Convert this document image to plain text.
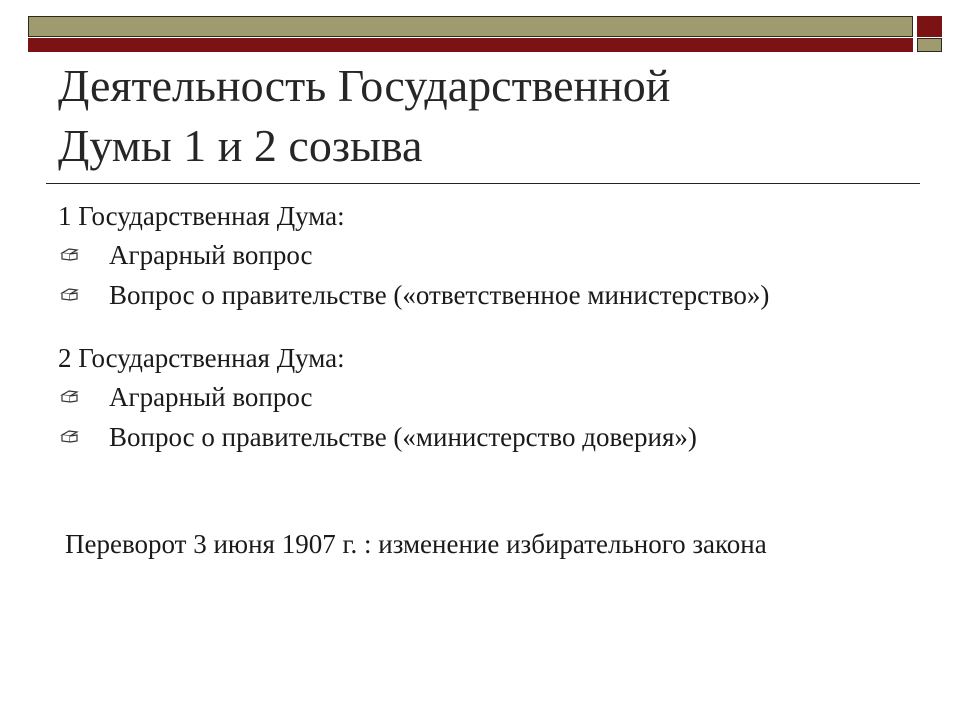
Деятельность Государственной
Думы 1 и 2 созыва
1 Государственная Дума:
Аграрный вопрос
Вопрос о правительстве («ответственное министерство»)
2 Государственная Дума:
Аграрный вопрос
Вопрос о правительстве («министерство доверия»)
Переворот 3 июня 1907 г. : изменение избирательного закона
